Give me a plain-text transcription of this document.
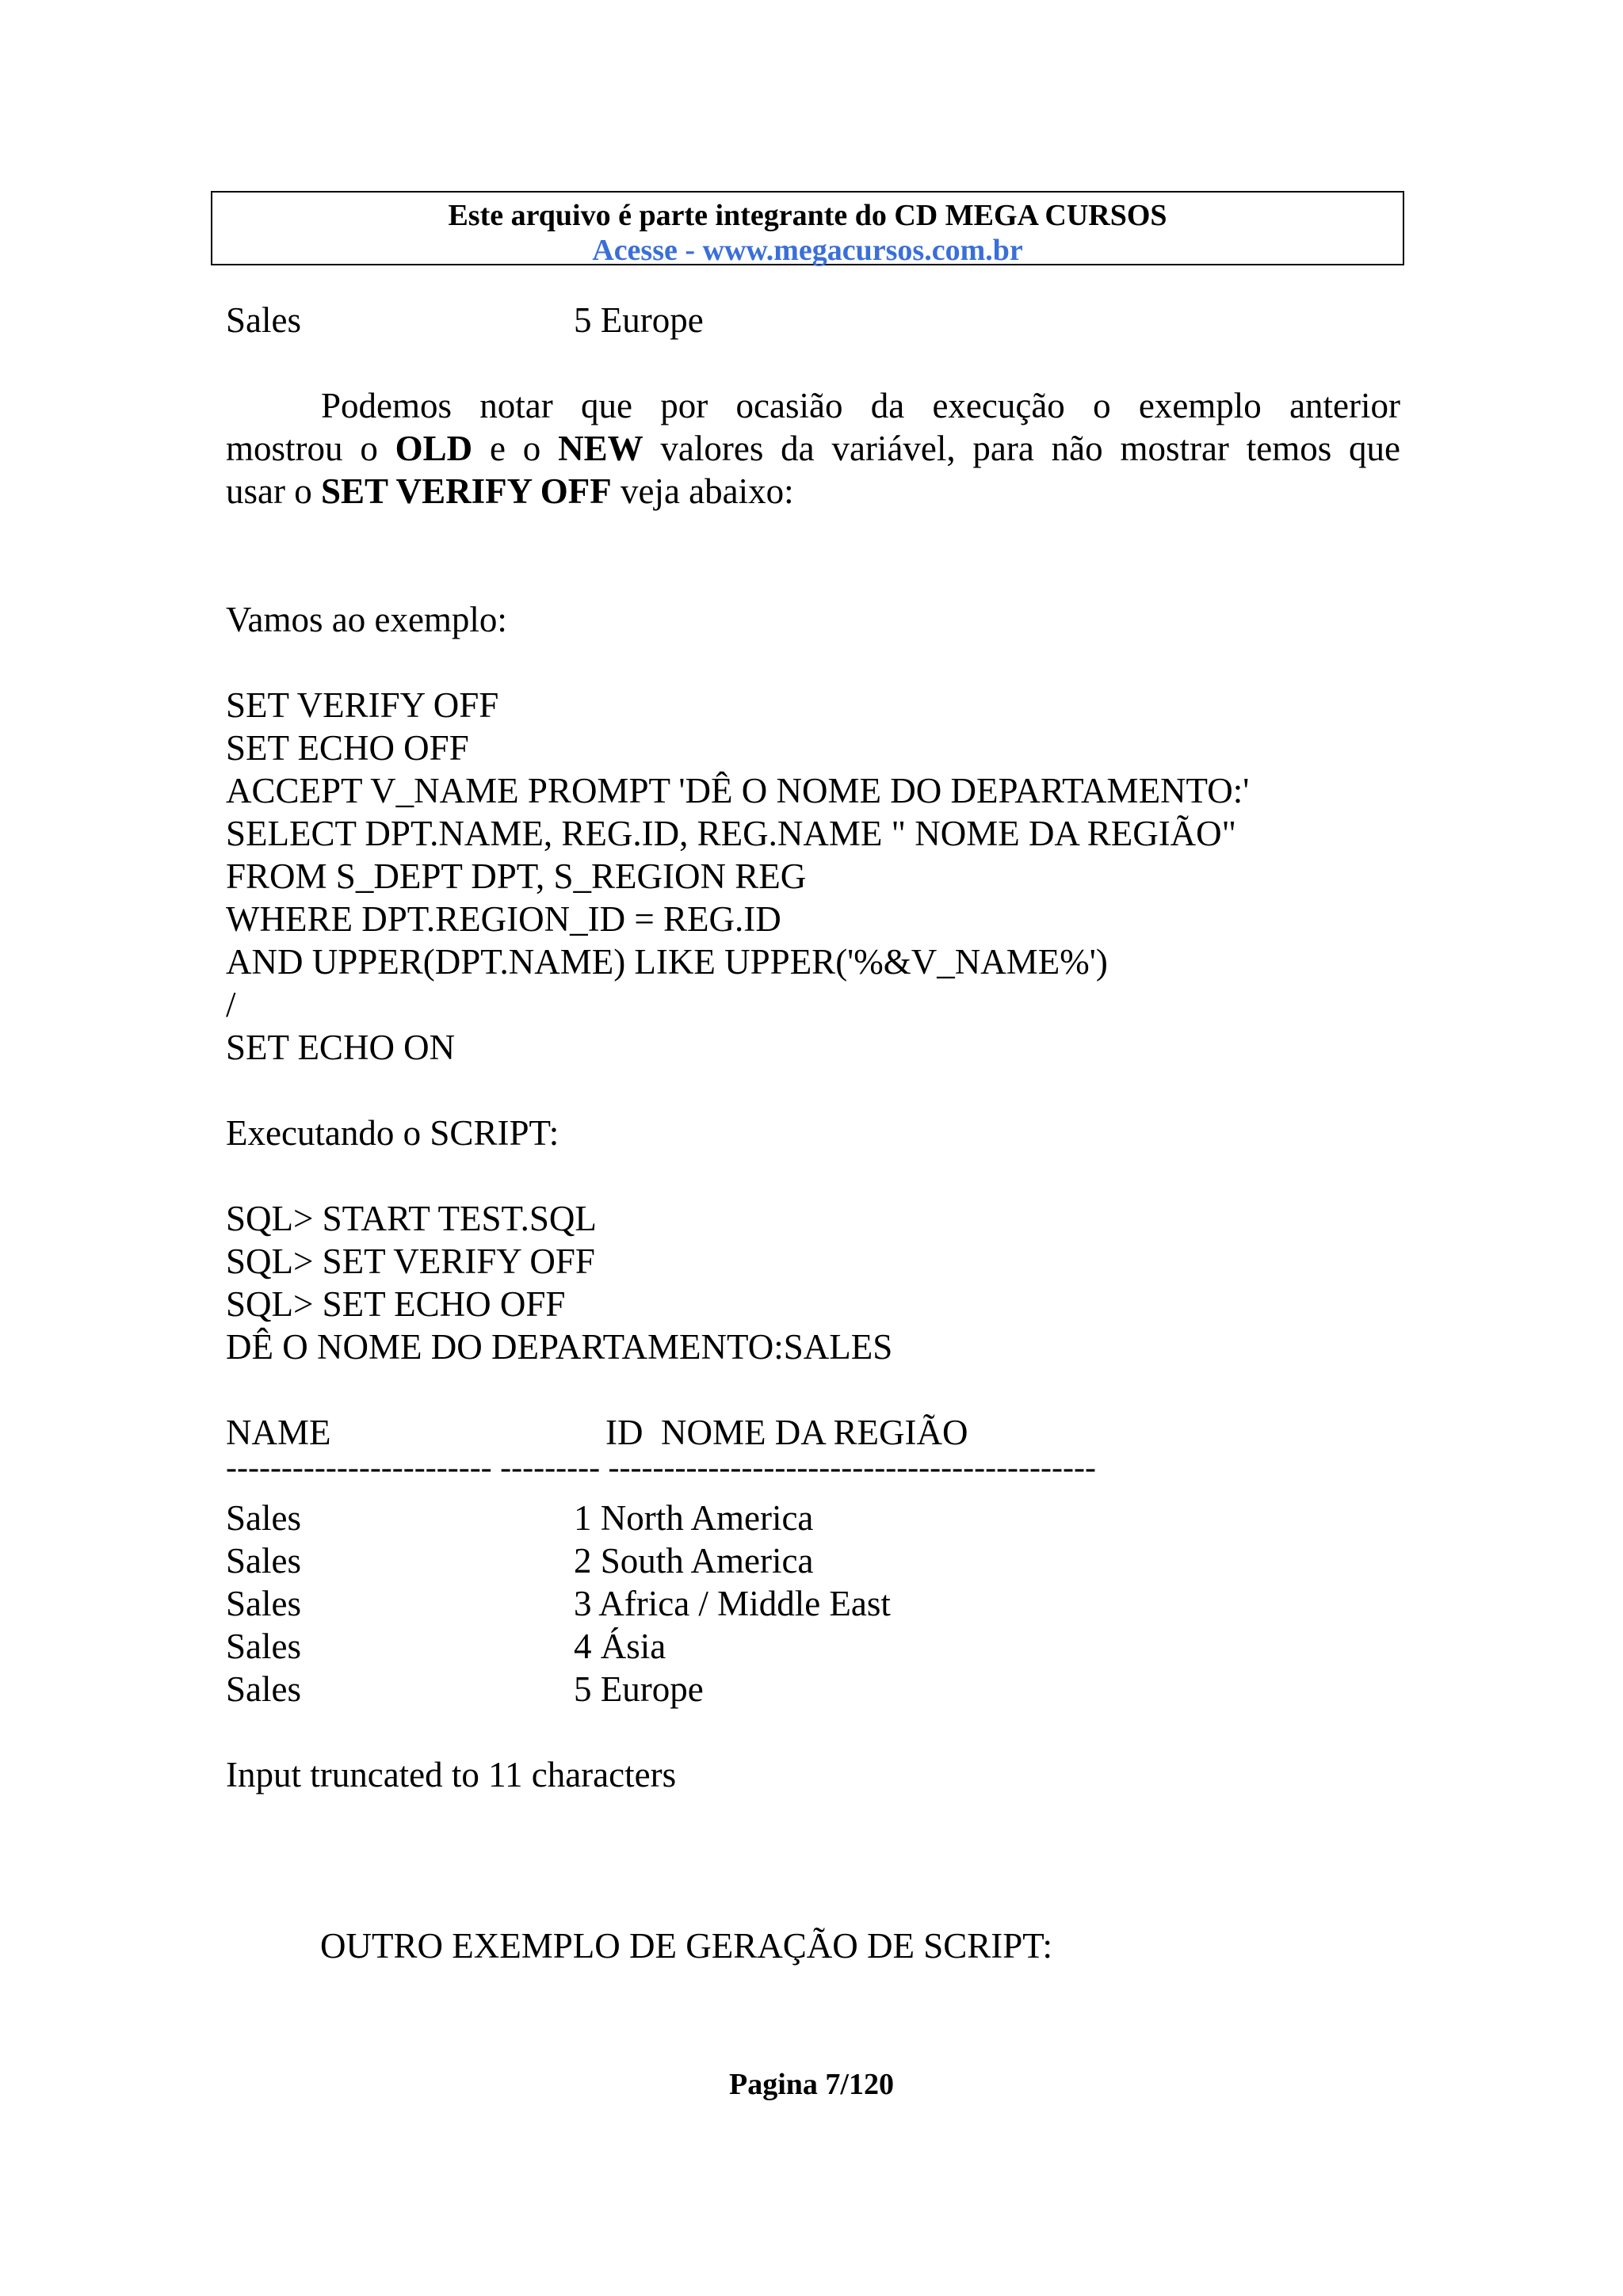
Este arquivo é parte integrante do CD MEGA CURSOS
Acesse - www.megacursos.com.br
Sales	5 Europe
Podemos notar que por ocasião da execução o exemplo anterior
mostrou o OLD e o NEW valores da variável, para não mostrar temos que
usar o SET VERIFY OFF veja abaixo:
Vamos ao exemplo:
SET VERIFY OFF
SET ECHO OFF
ACCEPT V_NAME PROMPT 'DÊ O NOME DO DEPARTAMENTO:'
SELECT DPT.NAME, REG.ID, REG.NAME " NOME DA REGIÃO"
FROM S_DEPT DPT, S_REGION REG
WHERE DPT.REGION_ID = REG.ID
AND UPPER(DPT.NAME) LIKE UPPER('%&V_NAME%')
/
SET ECHO ON
Executando o SCRIPT:
SQL> START TEST.SQL
SQL> SET VERIFY OFF
SQL> SET ECHO OFF
DÊ O NOME DO DEPARTAMENTO:SALES
NAME	ID  NOME DA REGIÃO
------------------------ --------- --------------------------------------------
Sales	1 North America
Sales	2 South America
Sales	3 Africa / Middle East
Sales	4 Ásia
Sales	5 Europe
Input truncated to 11 characters
OUTRO EXEMPLO DE GERAÇÃO DE SCRIPT:
Pagina 7/120
